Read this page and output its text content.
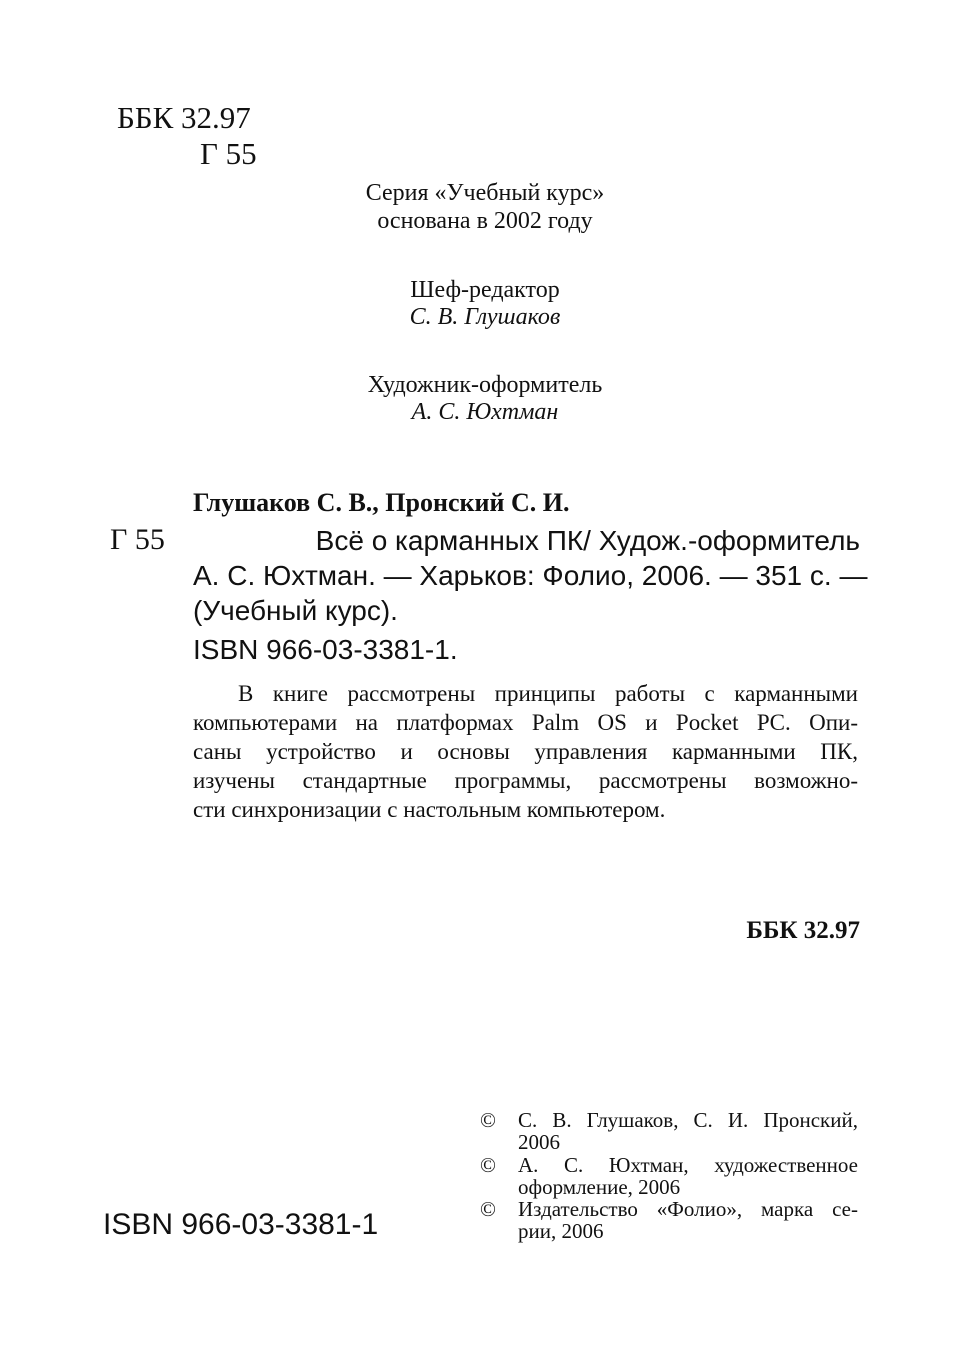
ББК 32.97
Г 55
Серия «Учебный курс»
основана в 2002 году
Шеф-редактор
С. В. Глушаков
Художник-оформитель
А. С. Юхтман
Глушаков С. В., Пронский С. И.
Г 55	Всё о карманных ПК/ Худож.-оформитель
А. С. Юхтман. — Харьков: Фолио, 2006. — 351 с. —
(Учебный курс).
ISBN 966-03-3381-1.
В книге рассмотрены принципы работы с карманными
компьютерами на платформах Palm OS и Pocket PC. Опи-
саны устройство и основы управления карманными ПК,
изучены стандартные программы, рассмотрены возможно-
сти синхронизации с настольным компьютером.
ББК 32.97
ISBN 966-03-3381-1
© С. В. Глушаков, С. И. Пронский,
2006
© А. С. Юхтман, художественное
оформление, 2006
© Издательство «Фолио», марка се-
рии, 2006
